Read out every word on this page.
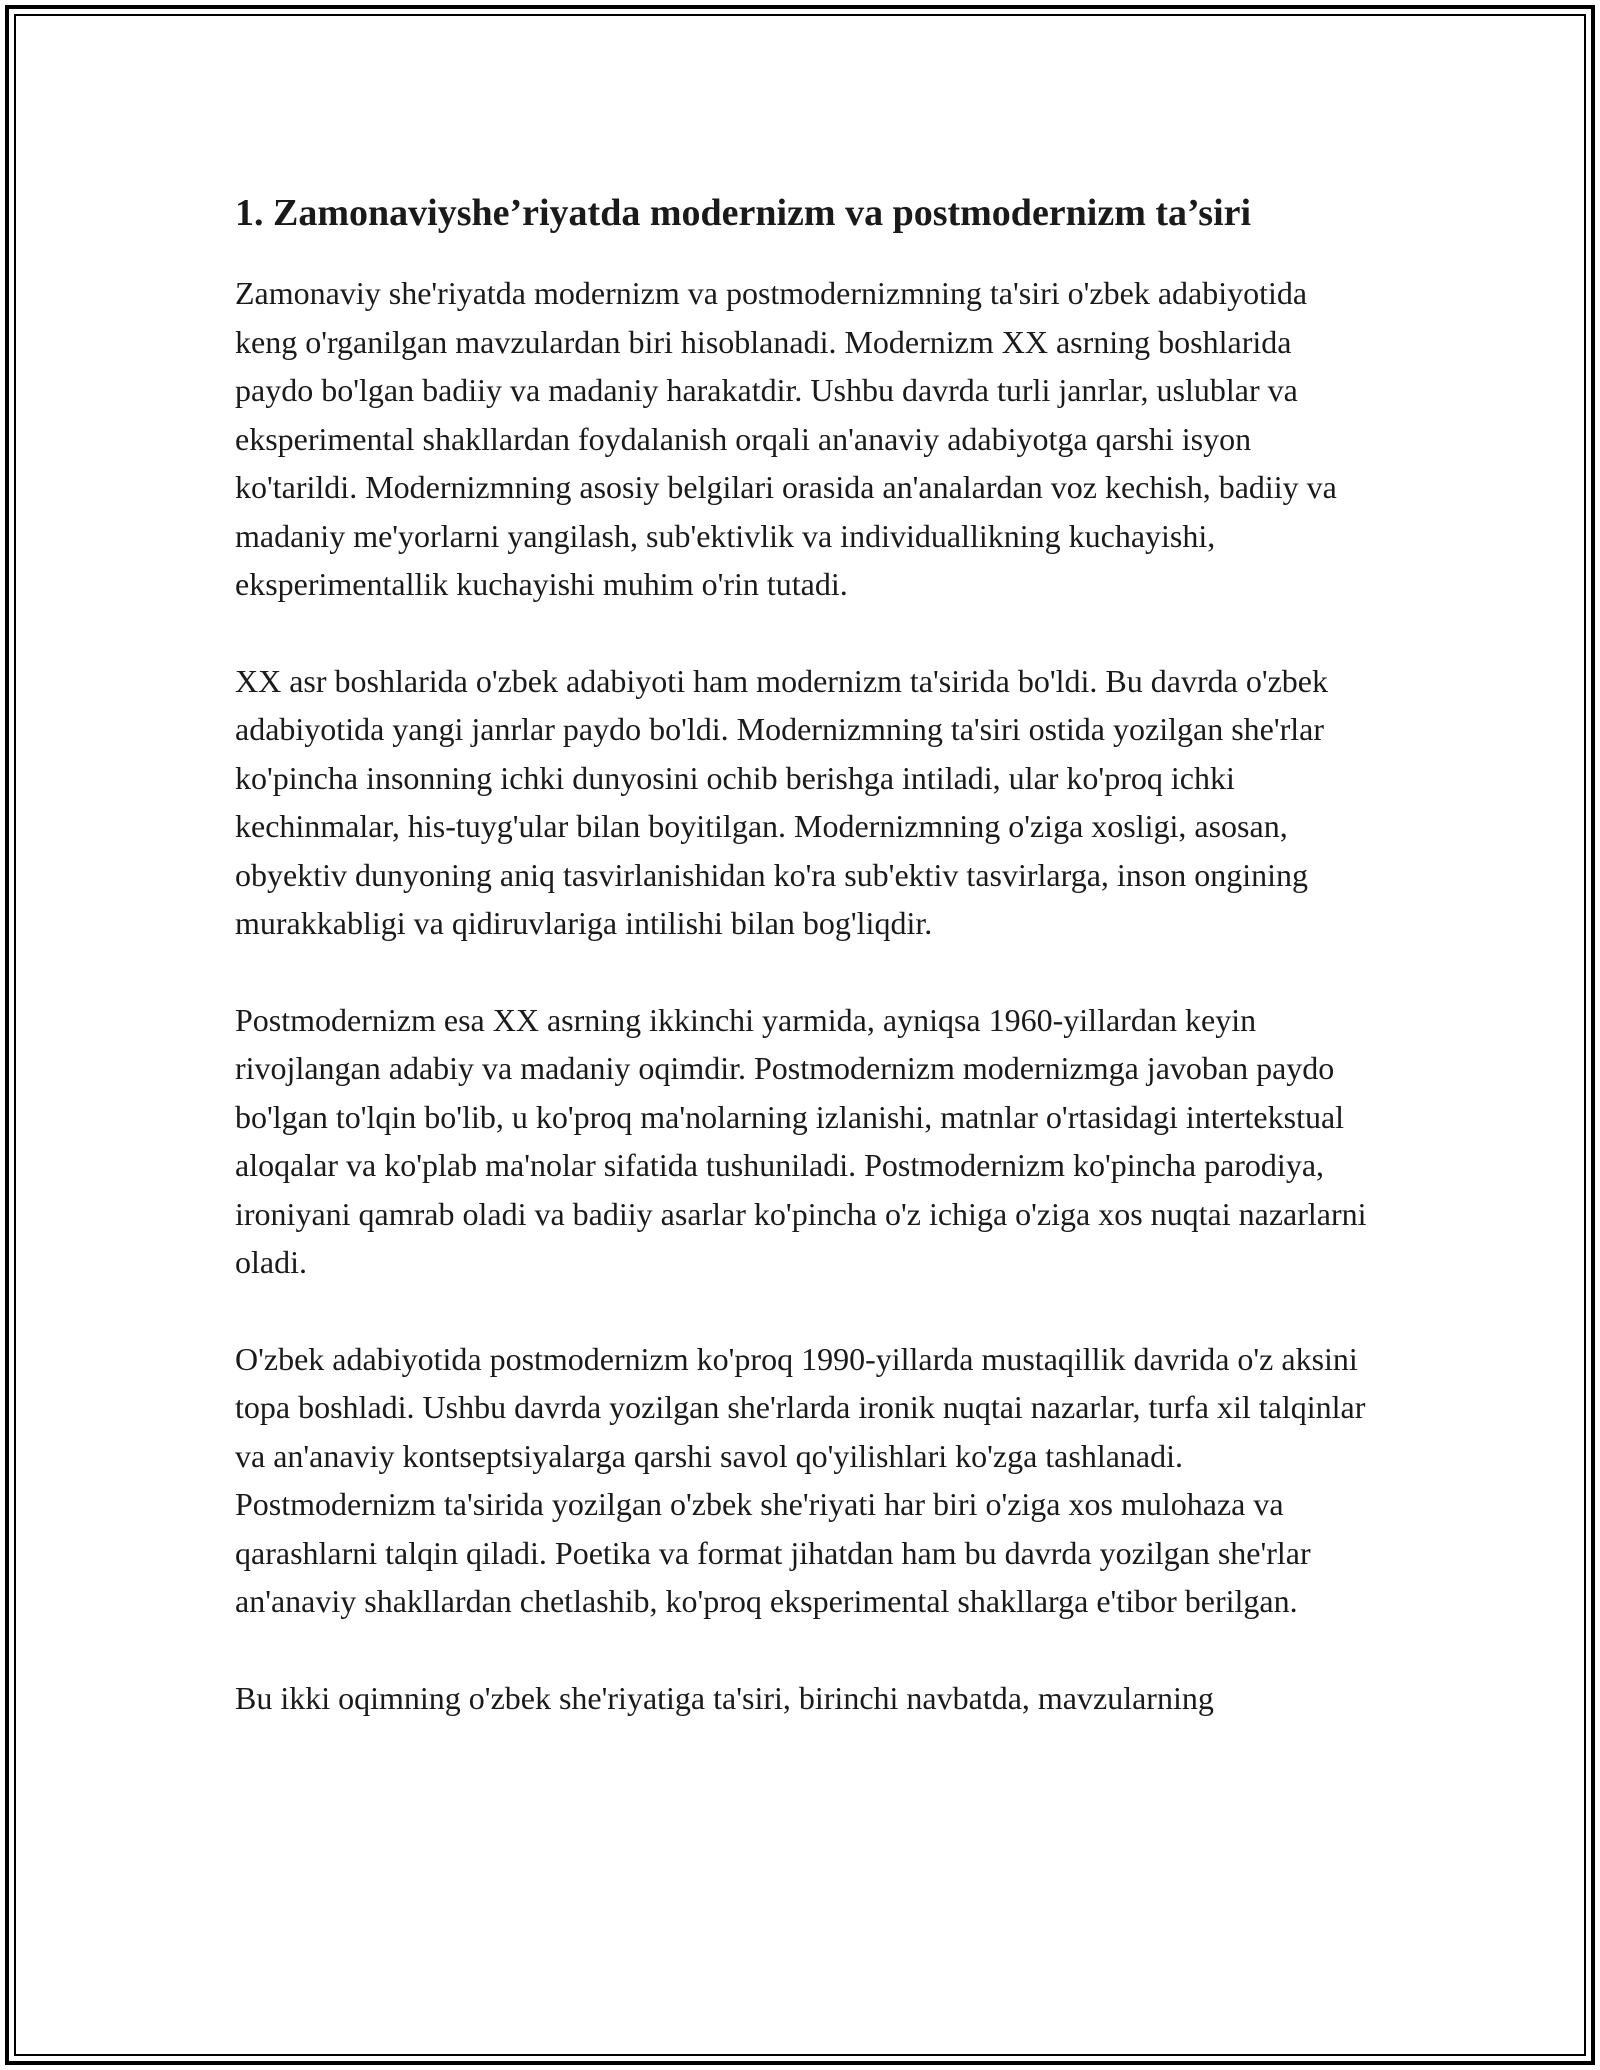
1. Zamonaviyshe’riyatda modernizm va postmodernizm ta’siri

Zamonaviy she'riyatda modernizm va postmodernizmning ta'siri o'zbek adabiyotida keng o'rganilgan mavzulardan biri hisoblanadi. Modernizm XX asrning boshlarida paydo bo'lgan badiiy va madaniy harakatdir. Ushbu davrda turli janrlar, uslublar va eksperimental shakllardan foydalanish orqali an'anaviy adabiyotga qarshi isyon ko'tarildi. Modernizmning asosiy belgilari orasida an'analardan voz kechish, badiiy va madaniy me'yorlarni yangilash, sub'ektivlik va individuallikning kuchayishi, eksperimentallik kuchayishi muhim o'rin tutadi.

XX asr boshlarida o'zbek adabiyoti ham modernizm ta'sirida bo'ldi. Bu davrda o'zbek adabiyotida yangi janrlar paydo bo'ldi. Modernizmning ta'siri ostida yozilgan she'rlar ko'pincha insonning ichki dunyosini ochib berishga intiladi, ular ko'proq ichki kechinmalar, his-tuyg'ular bilan boyitilgan. Modernizmning o'ziga xosligi, asosan, obyektiv dunyoning aniq tasvirlanishidan ko'ra sub'ektiv tasvirlarga, inson ongining murakkabligi va qidiruvlariga intilishi bilan bog'liqdir.

Postmodernizm esa XX asrning ikkinchi yarmida, ayniqsa 1960-yillardan keyin rivojlangan adabiy va madaniy oqimdir. Postmodernizm modernizmga javoban paydo bo'lgan to'lqin bo'lib, u ko'proq ma'nolarning izlanishi, matnlar o'rtasidagi intertekstual aloqalar va ko'plab ma'nolar sifatida tushuniladi. Postmodernizm ko'pincha parodiya, ironiyani qamrab oladi va badiiy asarlar ko'pincha o'z ichiga o'ziga xos nuqtai nazarlarni oladi.

O'zbek adabiyotida postmodernizm ko'proq 1990-yillarda mustaqillik davrida o'z aksini topa boshladi. Ushbu davrda yozilgan she'rlarda ironik nuqtai nazarlar, turfa xil talqinlar va an'anaviy kontseptsiyalarga qarshi savol qo'yilishlari ko'zga tashlanadi. Postmodernizm ta'sirida yozilgan o'zbek she'riyati har biri o'ziga xos mulohaza va qarashlarni talqin qiladi. Poetika va format jihatdan ham bu davrda yozilgan she'rlar an'anaviy shakllardan chetlashib, ko'proq eksperimental shakllarga e'tibor berilgan.

Bu ikki oqimning o'zbek she'riyatiga ta'siri, birinchi navbatda, mavzularning
